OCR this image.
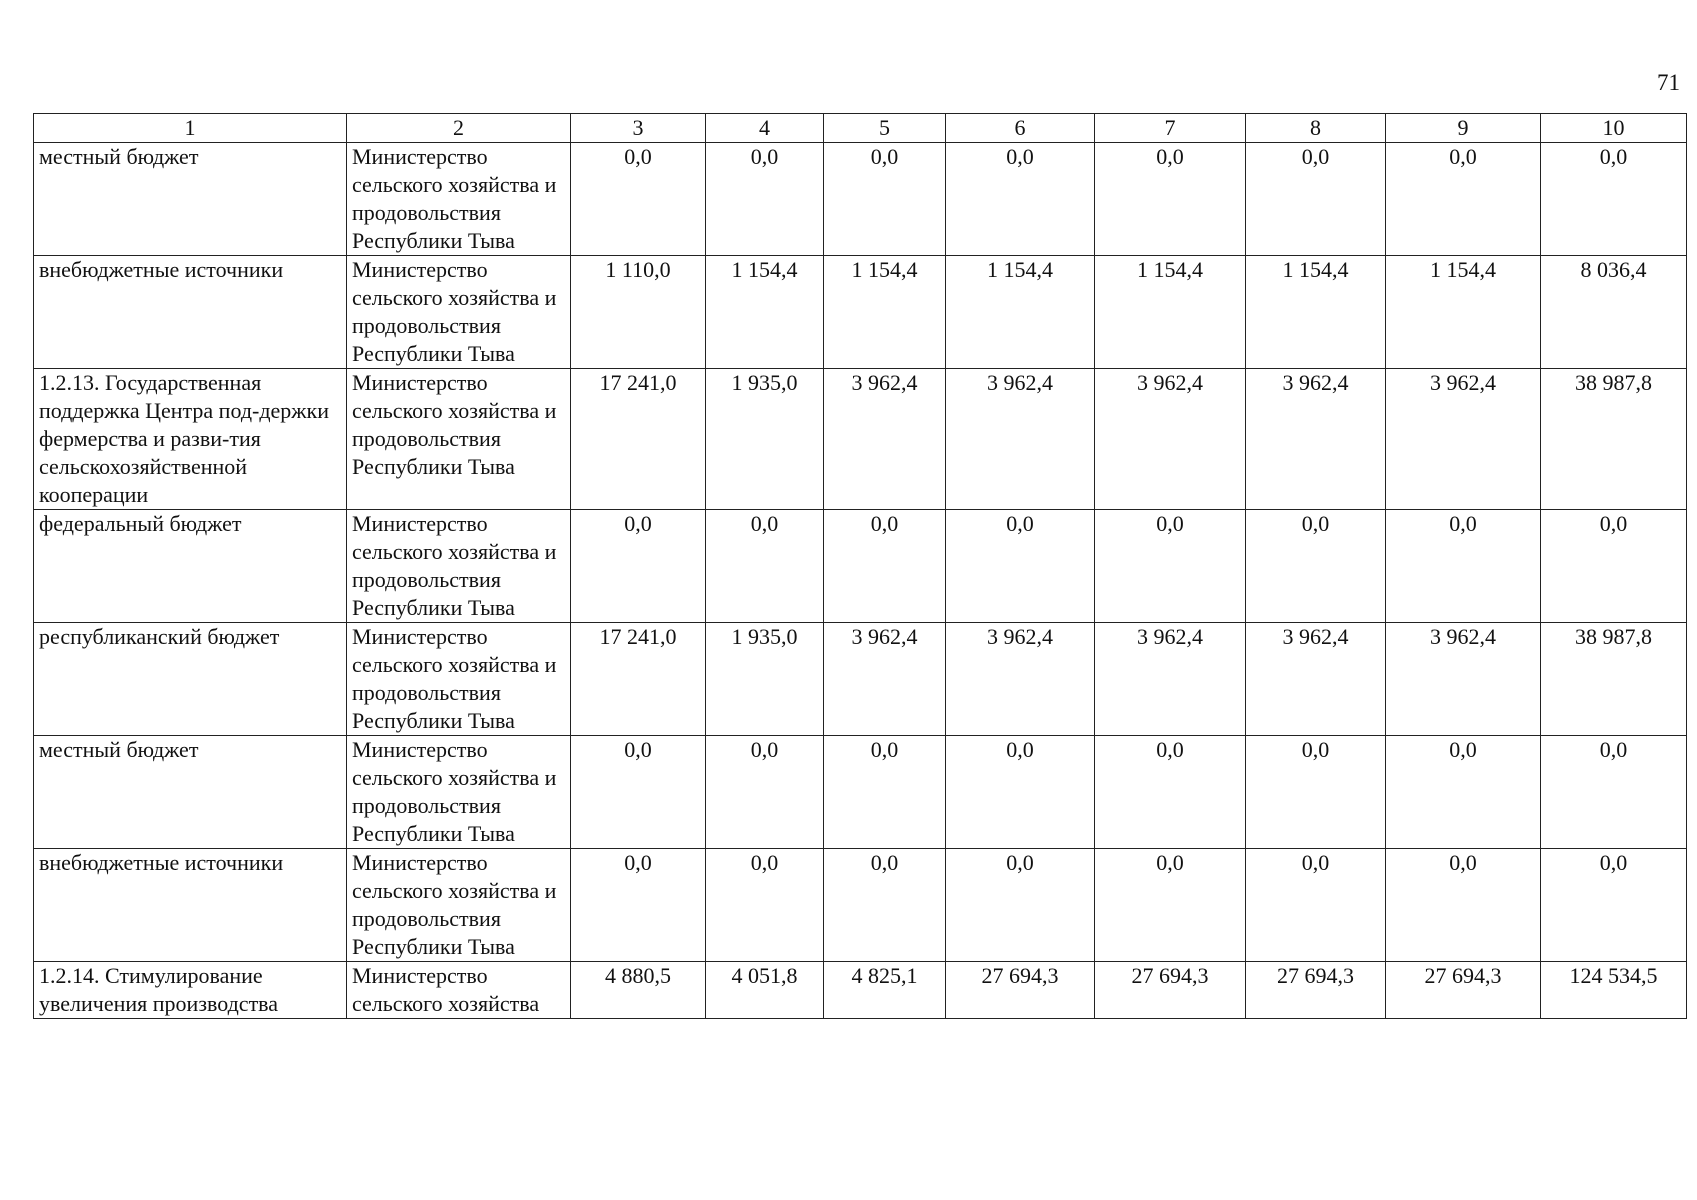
71
1	2	3	4	5	6	7	8	9	10
местный бюджет	Министерство сельского хозяйства и продовольствия Республики Тыва	0,0	0,0	0,0	0,0	0,0	0,0	0,0	0,0
внебюджетные источники	Министерство сельского хозяйства и продовольствия Республики Тыва	1 110,0	1 154,4	1 154,4	1 154,4	1 154,4	1 154,4	1 154,4	8 036,4
1.2.13. Государственная поддержка Центра под-держки фермерства и разви-тия сельскохозяйственной кооперации	Министерство сельского хозяйства и продовольствия Республики Тыва	17 241,0	1 935,0	3 962,4	3 962,4	3 962,4	3 962,4	3 962,4	38 987,8
федеральный бюджет	Министерство сельского хозяйства и продовольствия Республики Тыва	0,0	0,0	0,0	0,0	0,0	0,0	0,0	0,0
республиканский бюджет	Министерство сельского хозяйства и продовольствия Республики Тыва	17 241,0	1 935,0	3 962,4	3 962,4	3 962,4	3 962,4	3 962,4	38 987,8
местный бюджет	Министерство сельского хозяйства и продовольствия Республики Тыва	0,0	0,0	0,0	0,0	0,0	0,0	0,0	0,0
внебюджетные источники	Министерство сельского хозяйства и продовольствия Республики Тыва	0,0	0,0	0,0	0,0	0,0	0,0	0,0	0,0
1.2.14. Стимулирование увеличения производства	Министерство сельского хозяйства	4 880,5	4 051,8	4 825,1	27 694,3	27 694,3	27 694,3	27 694,3	124 534,5
